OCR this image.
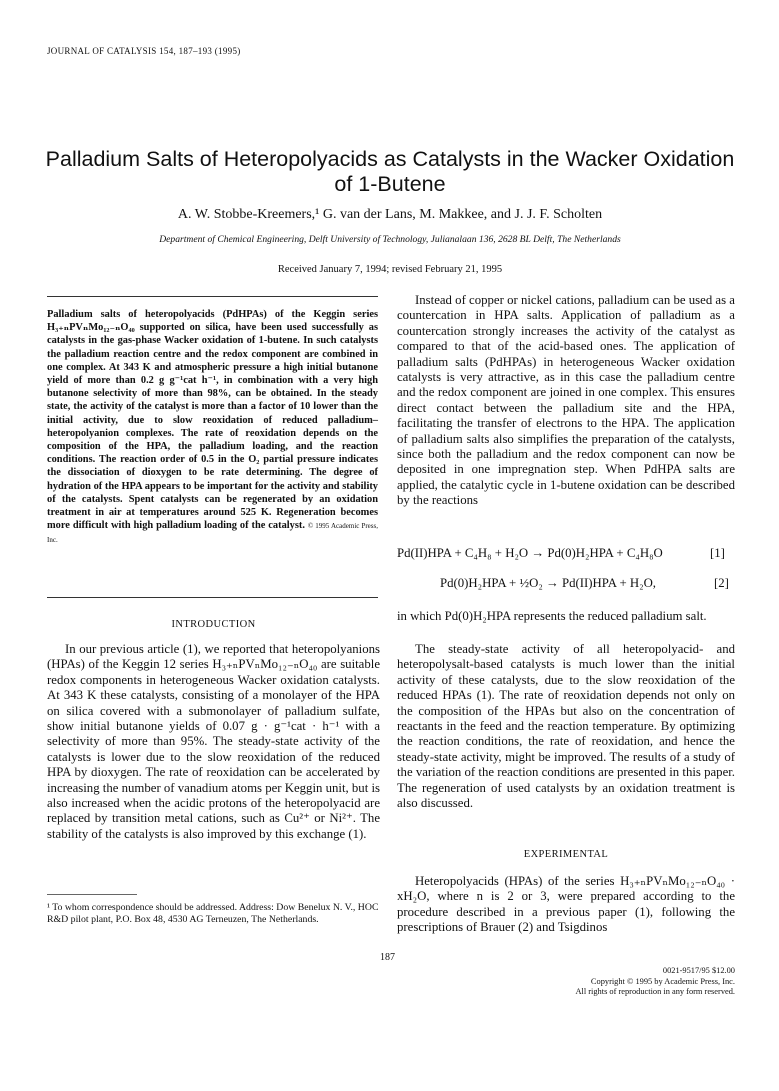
JOURNAL OF CATALYSIS 154, 187–193 (1995)
Palladium Salts of Heteropolyacids as Catalysts in the Wacker Oxidation of 1-Butene
A. W. Stobbe-Kreemers,¹ G. van der Lans, M. Makkee, and J. J. F. Scholten
Department of Chemical Engineering, Delft University of Technology, Julianalaan 136, 2628 BL Delft, The Netherlands
Received January 7, 1994; revised February 21, 1995
Palladium salts of heteropolyacids (PdHPAs) of the Keggin series H₃₊ₙPVₙMo₁₂₋ₙO₄₀ supported on silica, have been used successfully as catalysts in the gas-phase Wacker oxidation of 1-butene. In such catalysts the palladium reaction centre and the redox component are combined in one complex. At 343 K and atmospheric pressure a high initial butanone yield of more than 0.2 g g⁻¹cat h⁻¹, in combination with a very high butanone selectivity of more than 98%, can be obtained. In the steady state, the activity of the catalyst is more than a factor of 10 lower than the initial activity, due to slow reoxidation of reduced palladium–heteropolyanion complexes. The rate of reoxidation depends on the composition of the HPA, the palladium loading, and the reaction conditions. The reaction order of 0.5 in the O₂ partial pressure indicates the dissociation of dioxygen to be rate determining. The degree of hydration of the HPA appears to be important for the activity and stability of the catalysts. Spent catalysts can be regenerated by an oxidation treatment in air at temperatures around 525 K. Regeneration becomes more difficult with high palladium loading of the catalyst. © 1995 Academic Press, Inc.
INTRODUCTION

In our previous article (1), we reported that heteropolyanions (HPAs) of the Keggin 12 series H₃₊ₙPVₙMo₁₂₋ₙO₄₀ are suitable redox components in heterogeneous Wacker oxidation catalysts. At 343 K these catalysts, consisting of a monolayer of the HPA on silica covered with a submonolayer of palladium sulfate, show initial butanone yields of 0.07 g · g⁻¹cat · h⁻¹ with a selectivity of more than 95%. The steady-state activity of the catalysts is lower due to the slow reoxidation of the reduced HPA by dioxygen. The rate of reoxidation can be accelerated by increasing the number of vanadium atoms per Keggin unit, but is also increased when the acidic protons of the heteropolyacid are replaced by transition metal cations, such as Cu²⁺ or Ni²⁺. The stability of the catalysts is also improved by this exchange (1).

¹ To whom correspondence should be addressed. Address: Dow Benelux N. V., HOC R&D pilot plant, P.O. Box 48, 4530 AG Terneuzen, The Netherlands.

Instead of copper or nickel cations, palladium can be used as a countercation in HPA salts. Application of palladium as a countercation strongly increases the activity of the catalyst as compared to that of the acid-based ones. The application of palladium salts (PdHPAs) in heterogeneous Wacker oxidation catalysts is very attractive, as in this case the palladium centre and the redox component are joined in one complex. This ensures direct contact between the palladium site and the HPA, facilitating the transfer of electrons to the HPA. The application of palladium salts also simplifies the preparation of the catalysts, since both the palladium and the redox component can now be deposited in one impregnation step. When PdHPA salts are applied, the catalytic cycle in 1-butene oxidation can be described by the reactions

Pd(II)HPA + C₄H₈ + H₂O → Pd(0)H₂HPA + C₄H₈O	[1]
Pd(0)H₂HPA + ½O₂ → Pd(II)HPA + H₂O,	[2]

in which Pd(0)H₂HPA represents the reduced palladium salt.

The steady-state activity of all heteropolyacid- and heteropolysalt-based catalysts is much lower than the initial activity of these catalysts, due to the slow reoxidation of the reduced HPAs (1). The rate of reoxidation depends not only on the composition of the HPAs but also on the concentration of reactants in the feed and the reaction temperature. By optimizing the reaction conditions, the rate of reoxidation, and hence the steady-state activity, might be improved. The results of a study of the variation of the reaction conditions are presented in this paper. The regeneration of used catalysts by an oxidation treatment is also discussed.

EXPERIMENTAL

Heteropolyacids (HPAs) of the series H₃₊ₙPVₙMo₁₂₋ₙO₄₀ · xH₂O, where n is 2 or 3, were prepared according to the procedure described in a previous paper (1), following the prescriptions of Brauer (2) and Tsigdinos

187
0021-9517/95 $12.00
Copyright © 1995 by Academic Press, Inc.
All rights of reproduction in any form reserved.
